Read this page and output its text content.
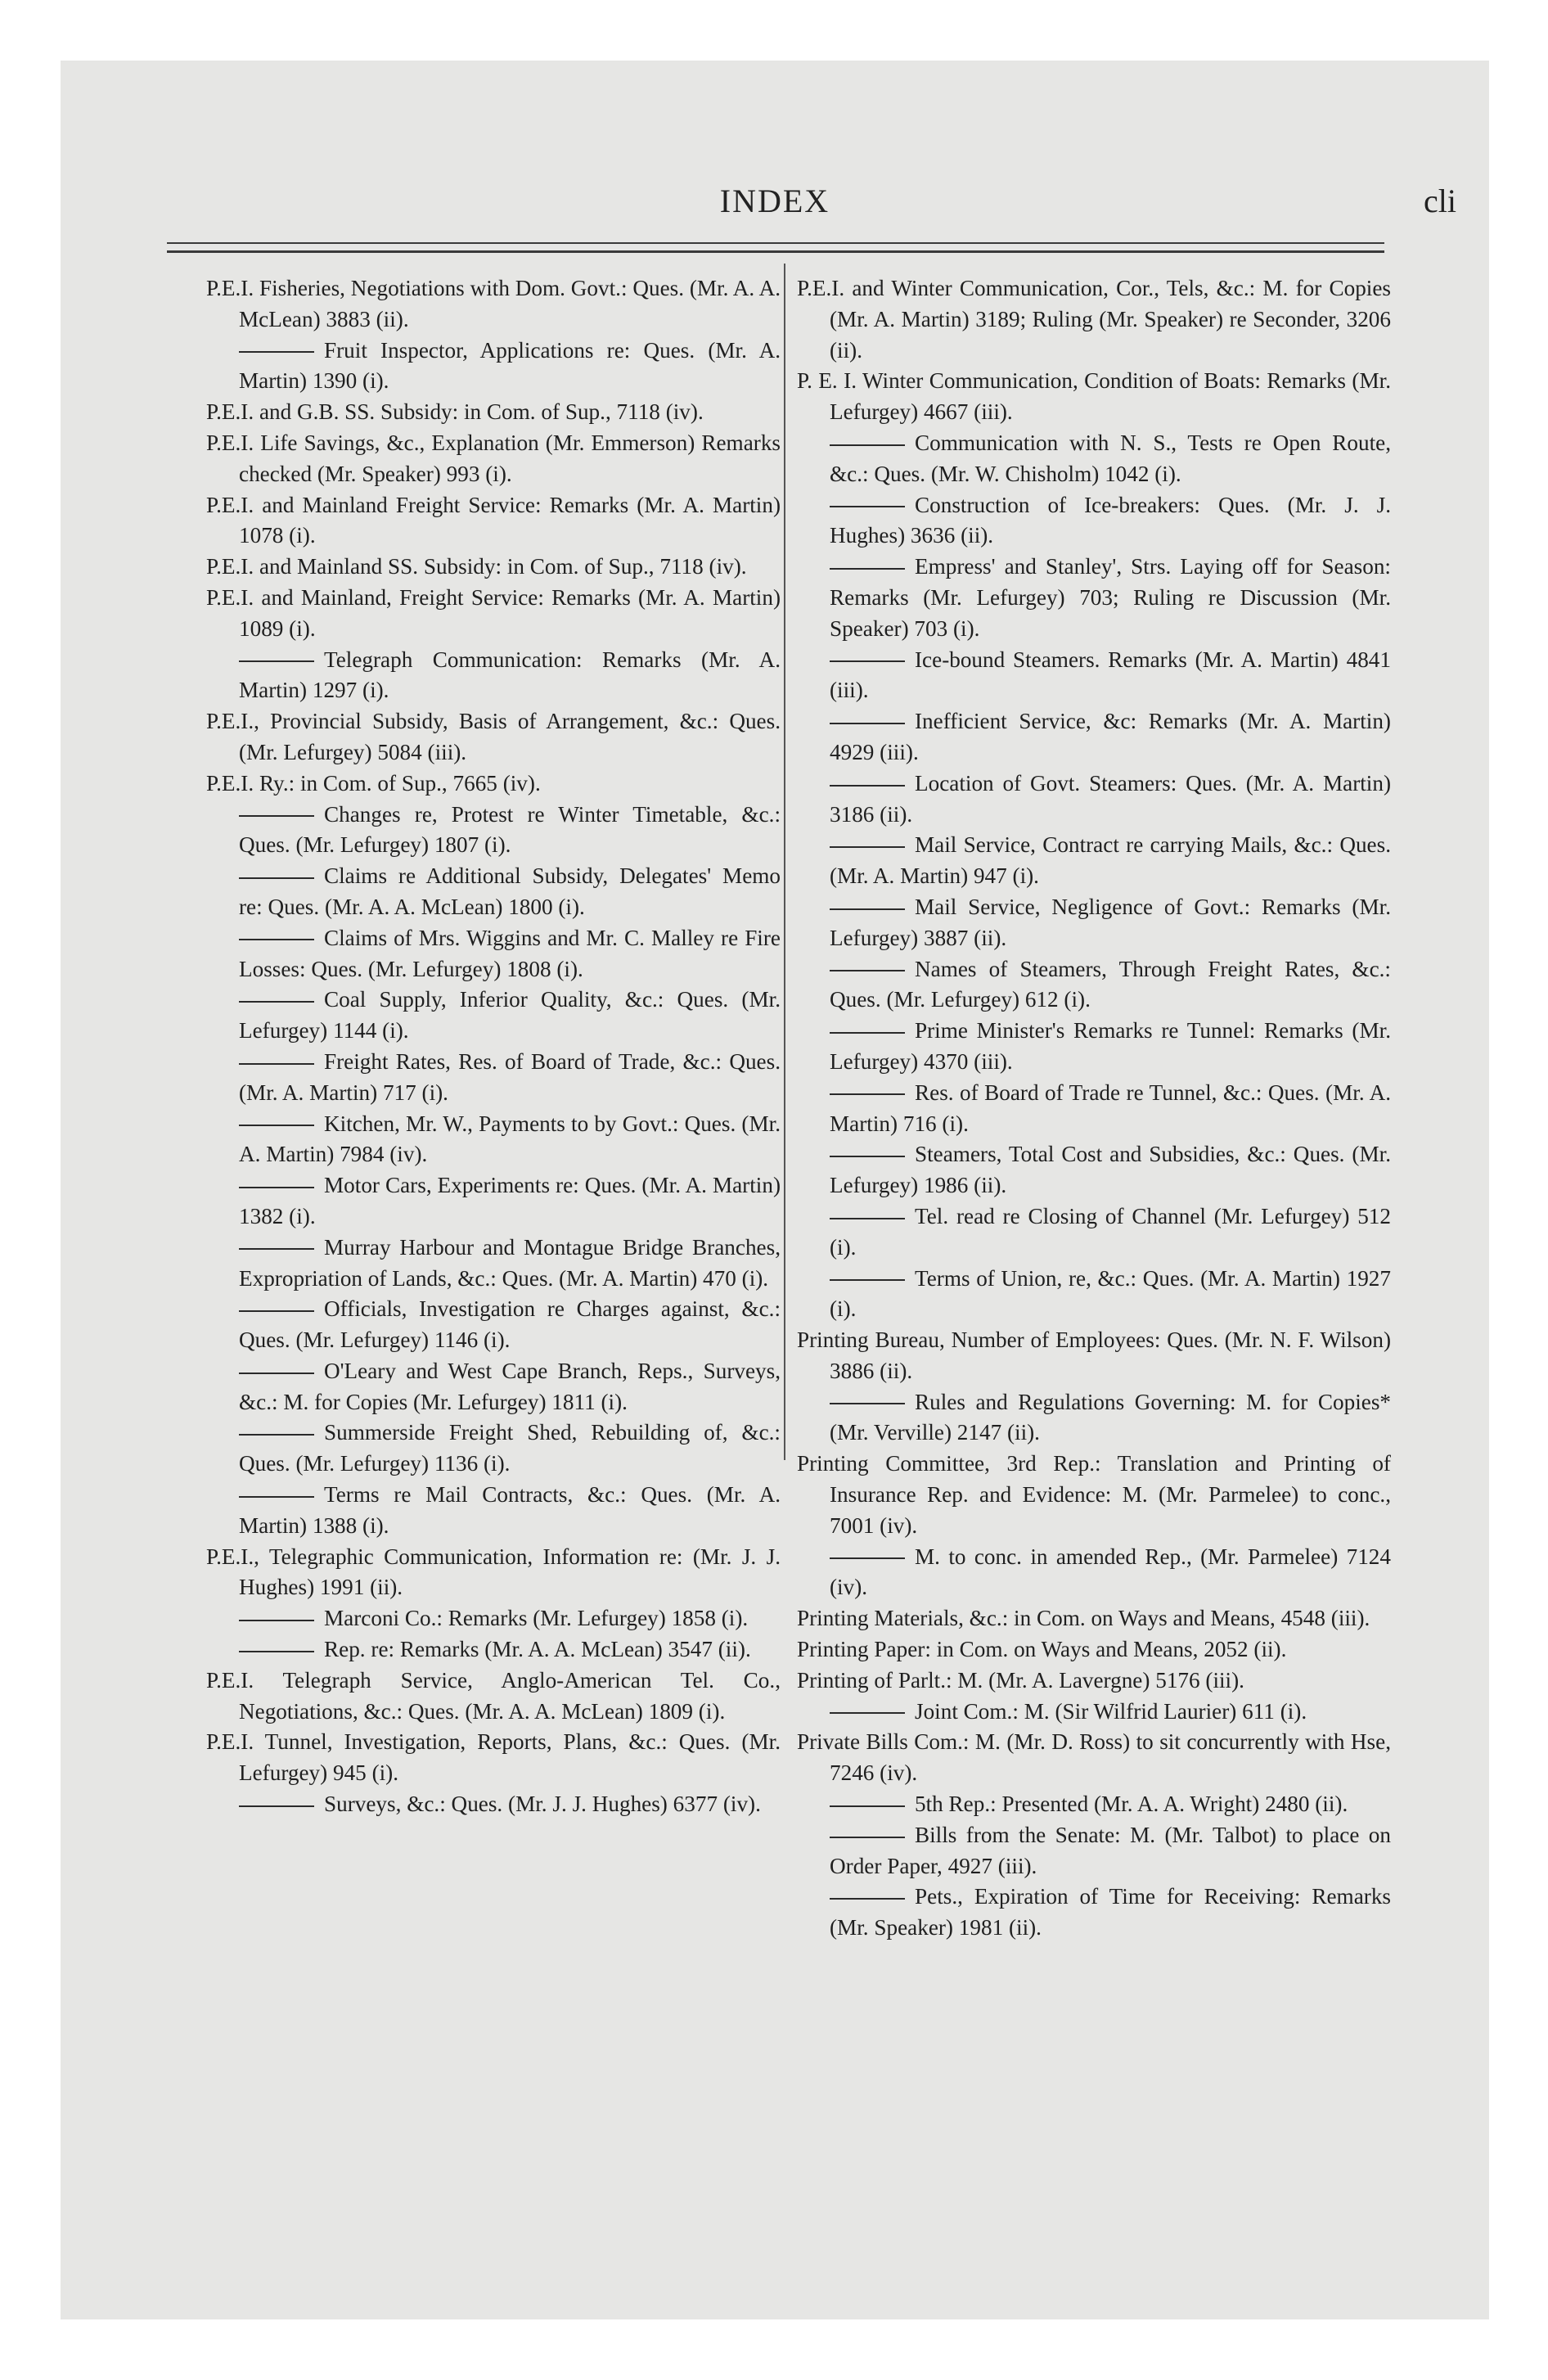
INDEX	cli

P.E.I. Fisheries, Negotiations with Dom. Govt.: Ques. (Mr. A. A. McLean) 3883 (ii).

Fruit Inspector, Applications re: Ques. (Mr. A. Martin) 1390 (i).

P.E.I. and G.B. SS. Subsidy: in Com. of Sup., 7118 (iv).

P.E.I. Life Savings, &c., Explanation (Mr. Emmerson) Remarks checked (Mr. Speaker) 993 (i).

P.E.I. and Mainland Freight Service: Remarks (Mr. A. Martin) 1078 (i).

P.E.I. and Mainland SS. Subsidy: in Com. of Sup., 7118 (iv).

P.E.I. and Mainland, Freight Service: Remarks (Mr. A. Martin) 1089 (i).

Telegraph Communication: Remarks (Mr. A. Martin) 1297 (i).

P.E.I., Provincial Subsidy, Basis of Arrangement, &c.: Ques. (Mr. Lefurgey) 5084 (iii).

P.E.I. Ry.: in Com. of Sup., 7665 (iv).

Changes re, Protest re Winter Timetable, &c.: Ques. (Mr. Lefurgey) 1807 (i).

Claims re Additional Subsidy, Delegates' Memo re: Ques. (Mr. A. A. McLean) 1800 (i).

Claims of Mrs. Wiggins and Mr. C. Malley re Fire Losses: Ques. (Mr. Lefurgey) 1808 (i).

Coal Supply, Inferior Quality, &c.: Ques. (Mr. Lefurgey) 1144 (i).

Freight Rates, Res. of Board of Trade, &c.: Ques. (Mr. A. Martin) 717 (i).

Kitchen, Mr. W., Payments to by Govt.: Ques. (Mr. A. Martin) 7984 (iv).

Motor Cars, Experiments re: Ques. (Mr. A. Martin) 1382 (i).

Murray Harbour and Montague Bridge Branches, Expropriation of Lands, &c.: Ques. (Mr. A. Martin) 470 (i).

Officials, Investigation re Charges against, &c.: Ques. (Mr. Lefurgey) 1146 (i).

O'Leary and West Cape Branch, Reps., Surveys, &c.: M. for Copies (Mr. Lefurgey) 1811 (i).

Summerside Freight Shed, Rebuilding of, &c.: Ques. (Mr. Lefurgey) 1136 (i).

Terms re Mail Contracts, &c.: Ques. (Mr. A. Martin) 1388 (i).

P.E.I., Telegraphic Communication, Information re: (Mr. J. J. Hughes) 1991 (ii).

Marconi Co.: Remarks (Mr. Lefurgey) 1858 (i).

Rep. re: Remarks (Mr. A. A. McLean) 3547 (ii).

P.E.I. Telegraph Service, Anglo-American Tel. Co., Negotiations, &c.: Ques. (Mr. A. A. McLean) 1809 (i).

P.E.I. Tunnel, Investigation, Reports, Plans, &c.: Ques. (Mr. Lefurgey) 945 (i).

Surveys, &c.: Ques. (Mr. J. J. Hughes) 6377 (iv).

P.E.I. and Winter Communication, Cor., Tels, &c.: M. for Copies (Mr. A. Martin) 3189; Ruling (Mr. Speaker) re Seconder, 3206 (ii).

P. E. I. Winter Communication, Condition of Boats: Remarks (Mr. Lefurgey) 4667 (iii).

Communication with N. S., Tests re Open Route, &c.: Ques. (Mr. W. Chisholm) 1042 (i).

Construction of Ice-breakers: Ques. (Mr. J. J. Hughes) 3636 (ii).

Empress' and Stanley', Strs. Laying off for Season: Remarks (Mr. Lefurgey) 703; Ruling re Discussion (Mr. Speaker) 703 (i).

Ice-bound Steamers. Remarks (Mr. A. Martin) 4841 (iii).

Inefficient Service, &c: Remarks (Mr. A. Martin) 4929 (iii).

Location of Govt. Steamers: Ques. (Mr. A. Martin) 3186 (ii).

Mail Service, Contract re carrying Mails, &c.: Ques. (Mr. A. Martin) 947 (i).

Mail Service, Negligence of Govt.: Remarks (Mr. Lefurgey) 3887 (ii).

Names of Steamers, Through Freight Rates, &c.: Ques. (Mr. Lefurgey) 612 (i).

Prime Minister's Remarks re Tunnel: Remarks (Mr. Lefurgey) 4370 (iii).

Res. of Board of Trade re Tunnel, &c.: Ques. (Mr. A. Martin) 716 (i).

Steamers, Total Cost and Subsidies, &c.: Ques. (Mr. Lefurgey) 1986 (ii).

Tel. read re Closing of Channel (Mr. Lefurgey) 512 (i).

Terms of Union, re, &c.: Ques. (Mr. A. Martin) 1927 (i).

Printing Bureau, Number of Employees: Ques. (Mr. N. F. Wilson) 3886 (ii).

Rules and Regulations Governing: M. for Copies* (Mr. Verville) 2147 (ii).

Printing Committee, 3rd Rep.: Translation and Printing of Insurance Rep. and Evidence: M. (Mr. Parmelee) to conc., 7001 (iv).

M. to conc. in amended Rep., (Mr. Parmelee) 7124 (iv).

Printing Materials, &c.: in Com. on Ways and Means, 4548 (iii).

Printing Paper: in Com. on Ways and Means, 2052 (ii).

Printing of Parlt.: M. (Mr. A. Lavergne) 5176 (iii).

Joint Com.: M. (Sir Wilfrid Laurier) 611 (i).

Private Bills Com.: M. (Mr. D. Ross) to sit concurrently with Hse, 7246 (iv).

5th Rep.: Presented (Mr. A. A. Wright) 2480 (ii).

Bills from the Senate: M. (Mr. Talbot) to place on Order Paper, 4927 (iii).

Pets., Expiration of Time for Receiving: Remarks (Mr. Speaker) 1981 (ii).
